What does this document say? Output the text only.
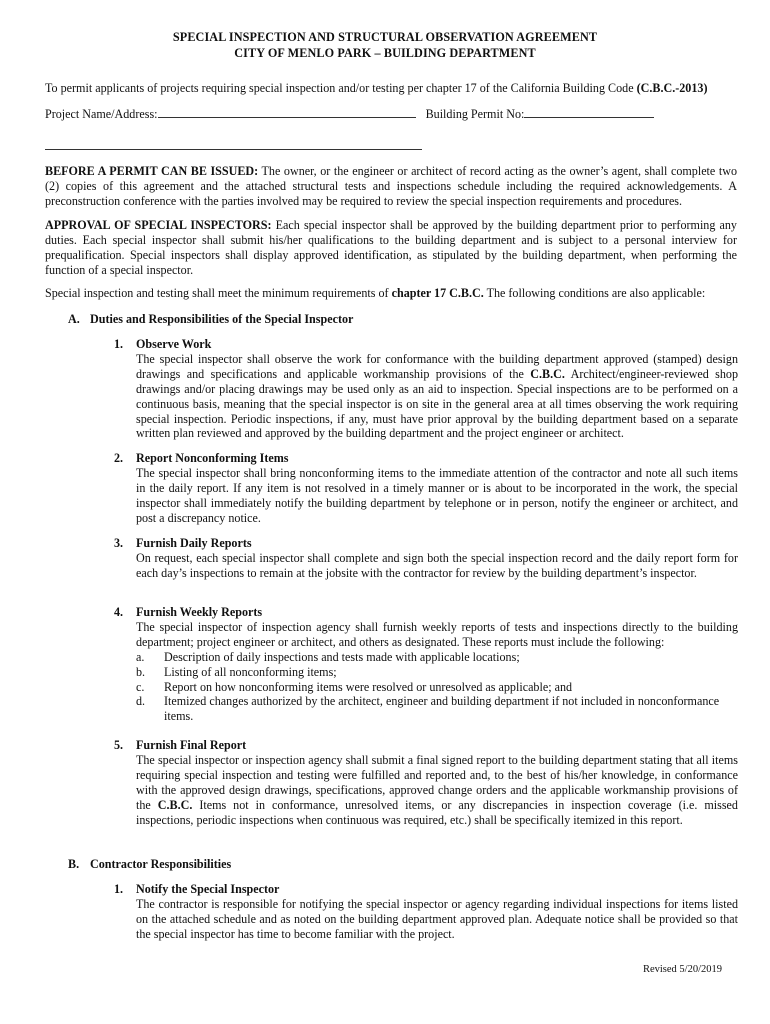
SPECIAL INSPECTION AND STRUCTURAL OBSERVATION AGREEMENT
CITY OF MENLO PARK – BUILDING DEPARTMENT
To permit applicants of projects requiring special inspection and/or testing per chapter 17 of the California Building Code (C.B.C.-2013)
Project Name/Address:	Building Permit No:
BEFORE A PERMIT CAN BE ISSUED: The owner, or the engineer or architect of record acting as the owner’s agent, shall complete two (2) copies of this agreement and the attached structural tests and inspections schedule including the required acknowledgements. A preconstruction conference with the parties involved may be required to review the special inspection requirements and procedures.
APPROVAL OF SPECIAL INSPECTORS: Each special inspector shall be approved by the building department prior to performing any duties. Each special inspector shall submit his/her qualifications to the building department and is subject to a personal interview for prequalification. Special inspectors shall display approved identification, as stipulated by the building department, when performing the function of a special inspector.
Special inspection and testing shall meet the minimum requirements of chapter 17 C.B.C. The following conditions are also applicable:
A. Duties and Responsibilities of the Special Inspector
1.	Observe Work
The special inspector shall observe the work for conformance with the building department approved (stamped) design drawings and specifications and applicable workmanship provisions of the C.B.C. Architect/engineer-reviewed shop drawings and/or placing drawings may be used only as an aid to inspection. Special inspections are to be performed on a continuous basis, meaning that the special inspector is on site in the general area at all times observing the work requiring special inspection. Periodic inspections, if any, must have prior approval by the building department based on a separate written plan reviewed and approved by the building department and the project engineer or architect.
2.	Report Nonconforming Items
The special inspector shall bring nonconforming items to the immediate attention of the contractor and note all such items in the daily report. If any item is not resolved in a timely manner or is about to be incorporated in the work, the special inspector shall immediately notify the building department by telephone or in person, notify the engineer or architect, and post a discrepancy notice.
3.	Furnish Daily Reports
On request, each special inspector shall complete and sign both the special inspection record and the daily report form for each day’s inspections to remain at the jobsite with the contractor for review by the building department’s inspector.
4.	Furnish Weekly Reports
The special inspector of inspection agency shall furnish weekly reports of tests and inspections directly to the building department; project engineer or architect, and others as designated. These reports must include the following:
a. Description of daily inspections and tests made with applicable locations;
b. Listing of all nonconforming items;
c. Report on how nonconforming items were resolved or unresolved as applicable; and
d. Itemized changes authorized by the architect, engineer and building department if not included in nonconformance items.
5.	Furnish Final Report
The special inspector or inspection agency shall submit a final signed report to the building department stating that all items requiring special inspection and testing were fulfilled and reported and, to the best of his/her knowledge, in conformance with the approved design drawings, specifications, approved change orders and the applicable workmanship provisions of the C.B.C. Items not in conformance, unresolved items, or any discrepancies in inspection coverage (i.e. missed inspections, periodic inspections when continuous was required, etc.) shall be specifically itemized in this report.
B. Contractor Responsibilities
1.	Notify the Special Inspector
The contractor is responsible for notifying the special inspector or agency regarding individual inspections for items listed on the attached schedule and as noted on the building department approved plan. Adequate notice shall be provided so that the special inspector has time to become familiar with the project.
Revised 5/20/2019
